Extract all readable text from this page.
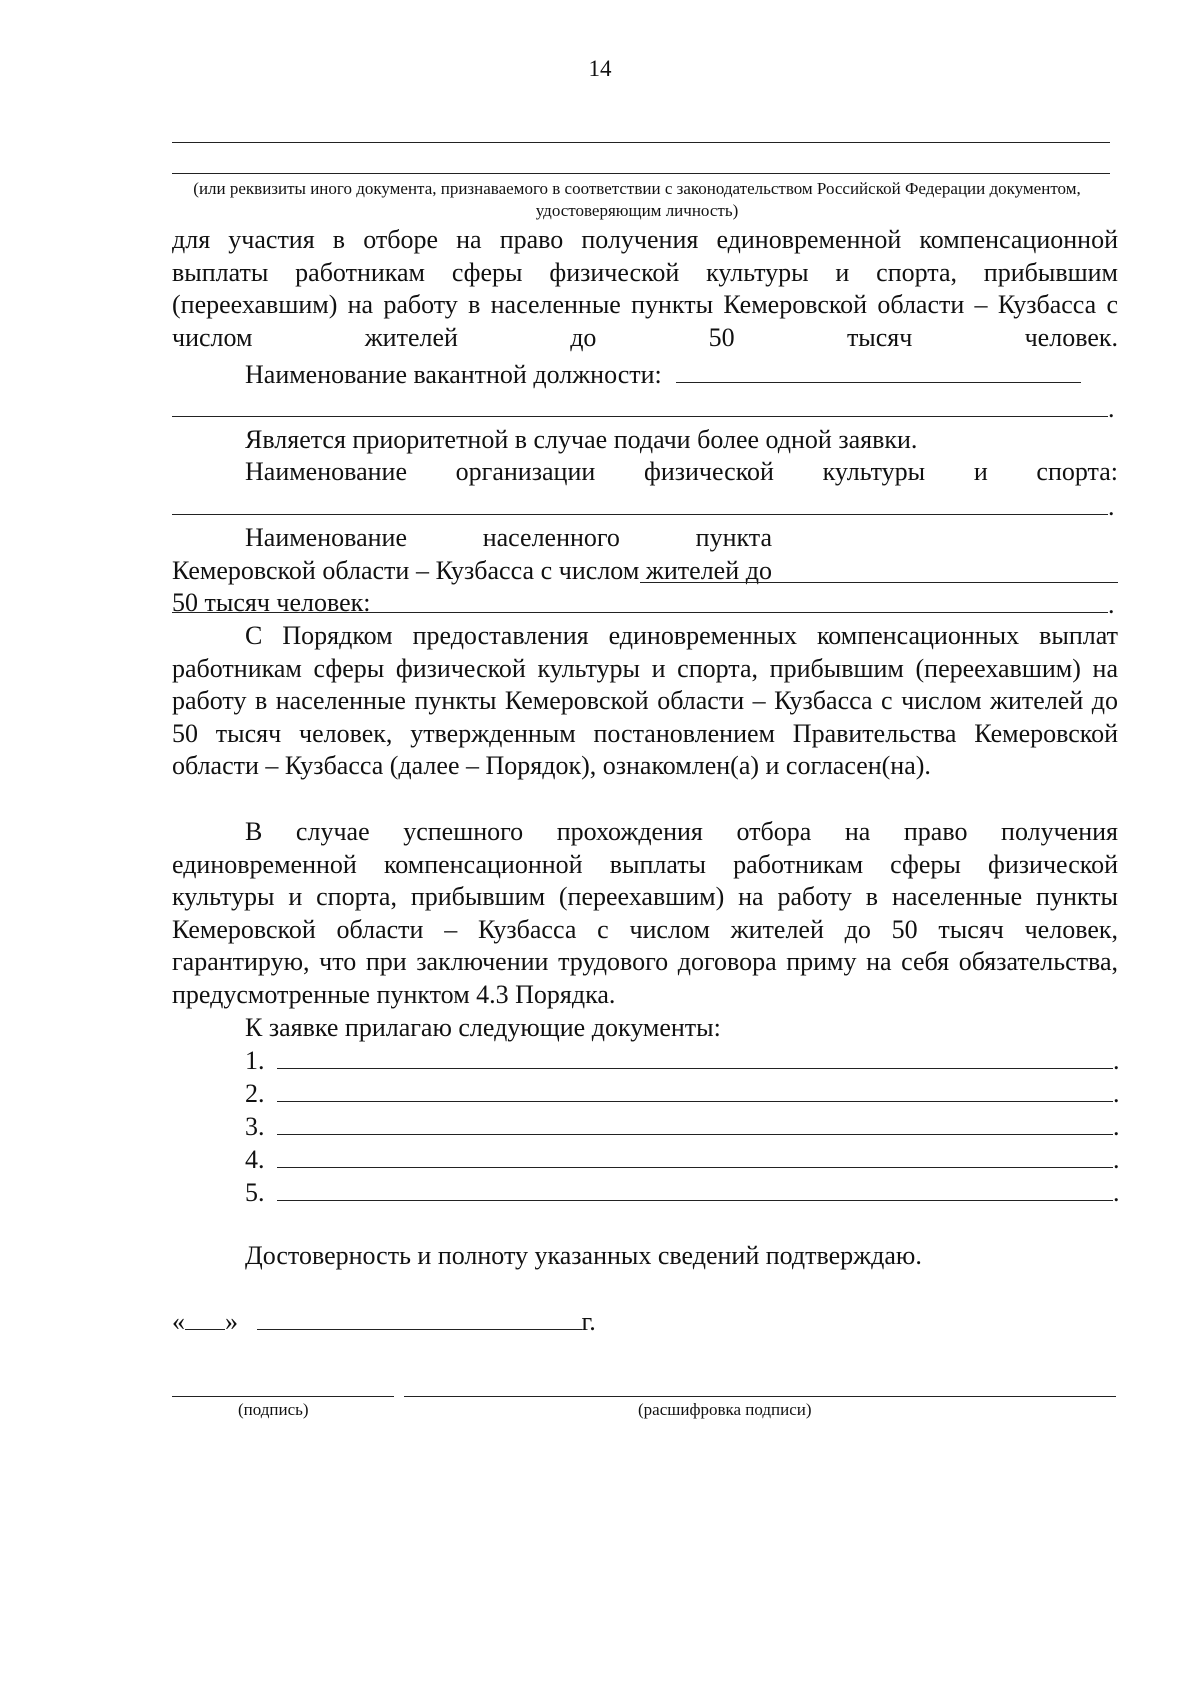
14
(или реквизиты иного документа, признаваемого в соответствии с законодательством Российской Федерации документом, удостоверяющим личность)
для участия в отборе на право получения единовременной компенсационной выплаты работникам сферы физической культуры и спорта, прибывшим (переехавшим) на работу в населенные пункты Кемеровской области – Кузбасса с числом жителей до 50 тысяч человек.
Наименование вакантной должности:
.
Является приоритетной в случае подачи более одной заявки.
Наименование организации физической культуры и спорта:
.
Наименование населенного пункта Кемеровской области – Кузбасса с числом жителей до 50 тысяч человек:	.
С Порядком предоставления единовременных компенсационных выплат работникам сферы физической культуры и спорта, прибывшим (переехавшим) на работу в населенные пункты Кемеровской области – Кузбасса с числом жителей до 50 тысяч человек, утвержденным постановлением Правительства Кемеровской области – Кузбасса (далее – Порядок), ознакомлен(а) и согласен(на).
В случае успешного прохождения отбора на право получения единовременной компенсационной выплаты работникам сферы физической культуры и спорта, прибывшим (переехавшим) на работу в населенные пункты Кемеровской области – Кузбасса с числом жителей до 50 тысяч человек, гарантирую, что при заключении трудового договора приму на себя обязательства, предусмотренные пунктом 4.3 Порядка.
К заявке прилагаю следующие документы:
1.	.
2.	.
3.	.
4.	.
5.	.
Достоверность и полноту указанных сведений подтверждаю.
« »	г.
(подпись)	(расшифровка подписи)
